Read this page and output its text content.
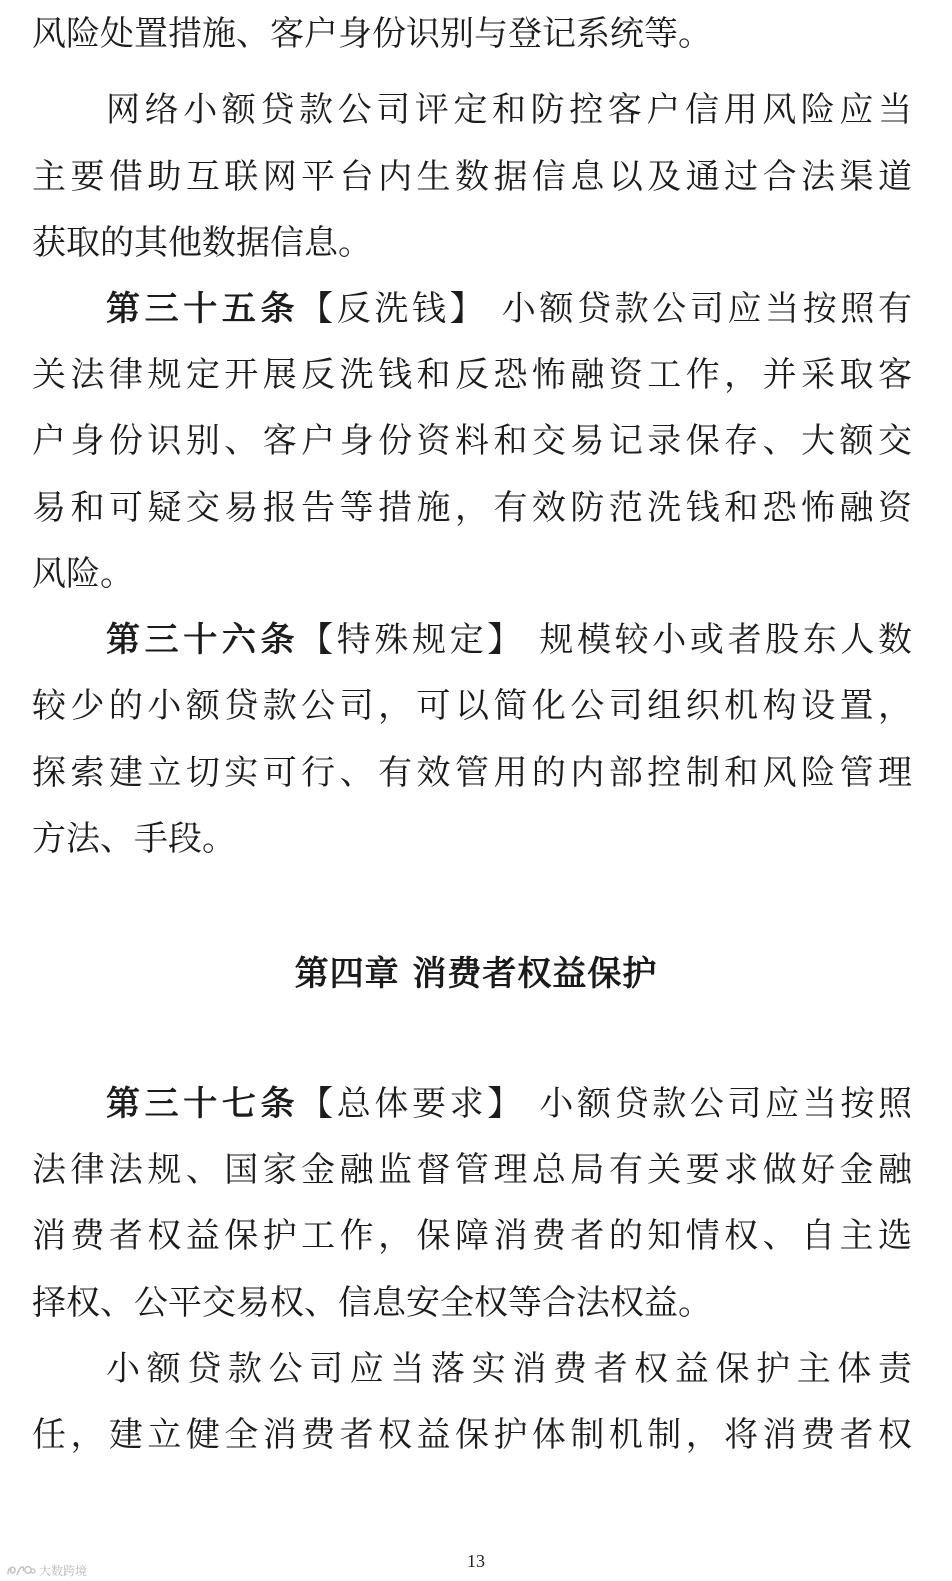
风险处置措施、客户身份识别与登记系统等。
网络小额贷款公司评定和防控客户信用风险应当
主要借助互联网平台内生数据信息以及通过合法渠道
获取的其他数据信息。
第三十五条【反洗钱】 小额贷款公司应当按照有
关法律规定开展反洗钱和反恐怖融资工作，并采取客
户身份识别、客户身份资料和交易记录保存、大额交
易和可疑交易报告等措施，有效防范洗钱和恐怖融资
风险。
第三十六条【特殊规定】 规模较小或者股东人数
较少的小额贷款公司，可以简化公司组织机构设置，
探索建立切实可行、有效管用的内部控制和风险管理
方法、手段。
第四章 消费者权益保护
第三十七条【总体要求】 小额贷款公司应当按照
法律法规、国家金融监督管理总局有关要求做好金融
消费者权益保护工作，保障消费者的知情权、自主选
择权、公平交易权、信息安全权等合法权益。
小额贷款公司应当落实消费者权益保护主体责
任，建立健全消费者权益保护体制机制，将消费者权
13
大数跨境
